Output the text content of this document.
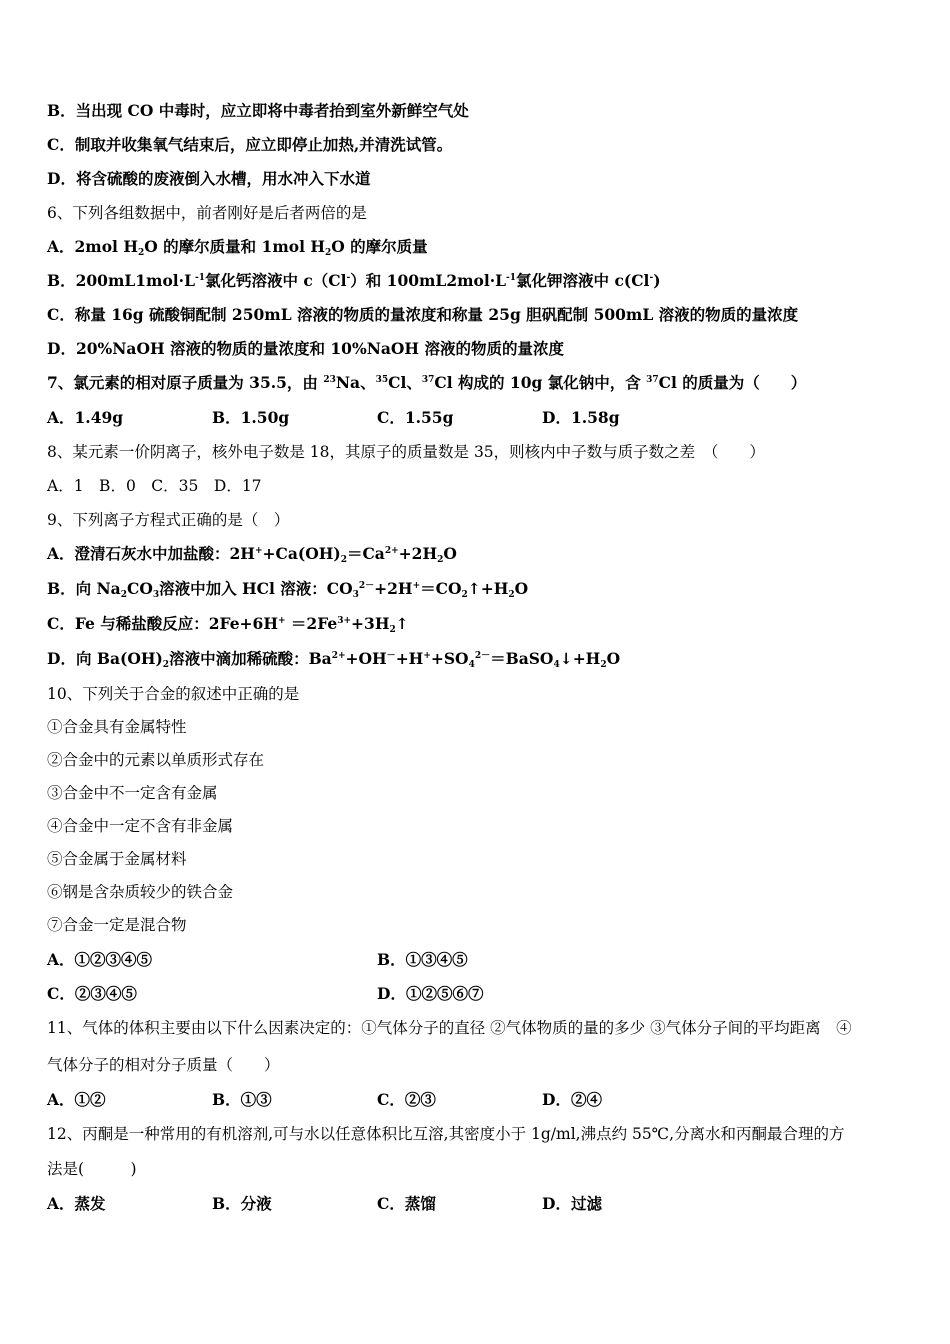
B．当出现 CO 中毒时，应立即将中毒者抬到室外新鲜空气处
C．制取并收集氧气结束后，应立即停止加热,并清洗试管。
D．将含硫酸的废液倒入水槽，用水冲入下水道
6、下列各组数据中，前者刚好是后者两倍的是
A．2mol $H_2O$ 的摩尔质量和 1mol $H_2O$ 的摩尔质量
B．$200mL1mol\cdot L^{-1}$氯化钙溶液中 c（Cl-）和 $100mL2mol\cdot L^{-1}$氯化钾溶液中 c(Cl-)
C．称量 16g 硫酸铜配制 250mL 溶液的物质的量浓度和称量 25g 胆矾配制 500mL 溶液的物质的量浓度
D．20%NaOH 溶液的物质的量浓度和 10%NaOH 溶液的物质的量浓度
7、氯元素的相对原子质量为 35.5，由 $^{23}$Na、$^{35}$Cl、$^{37}$Cl 构成的 10g 氯化钠中，含 $^{37}$Cl 的质量为（　　）
A．1.49g	B．1.50g	C．1.55g	D．1.58g
8、某元素一价阴离子，核外电子数是 18，其原子的质量数是 35，则核内中子数与质子数之差　（　　）
A．1　B．0　C．35　D．17
9、下列离子方程式正确的是（　）
A．澄清石灰水中加盐酸：$2H^++Ca(OH)_2=Ca^{2+}+2H_2O$
B．向 $Na_2CO_3$溶液中加入 HCl 溶液：$CO_3^{2-}+2H^+=CO_2↑+H_2O$
C．Fe 与稀盐酸反应：$2Fe+6H^+ =2Fe^{3+}+3H_2↑$
D．向 $Ba(OH)_2$溶液中滴加稀硫酸：$Ba^{2+}+OH^-+H^++SO_4^{2-}=BaSO_4↓+H_2O$
10、下列关于合金的叙述中正确的是
①合金具有金属特性
②合金中的元素以单质形式存在
③合金中不一定含有金属
④合金中一定不含有非金属
⑤合金属于金属材料
⑥钢是含杂质较少的铁合金
⑦合金一定是混合物
A．①②③④⑤	B．①③④⑤
C．②③④⑤	D．①②⑤⑥⑦
11、气体的体积主要由以下什么因素决定的：①气体分子的直径 ②气体物质的量的多少 ③气体分子间的平均距离　④
气体分子的相对分子质量（　　）
A．①②	B．①③	C．②③	D．②④
12、丙酮是一种常用的有机溶剂,可与水以任意体积比互溶,其密度小于 1g/ml,沸点约 55℃,分离水和丙酮最合理的方
法是(　　　)
A．蒸发	B．分液	C．蒸馏	D．过滤
